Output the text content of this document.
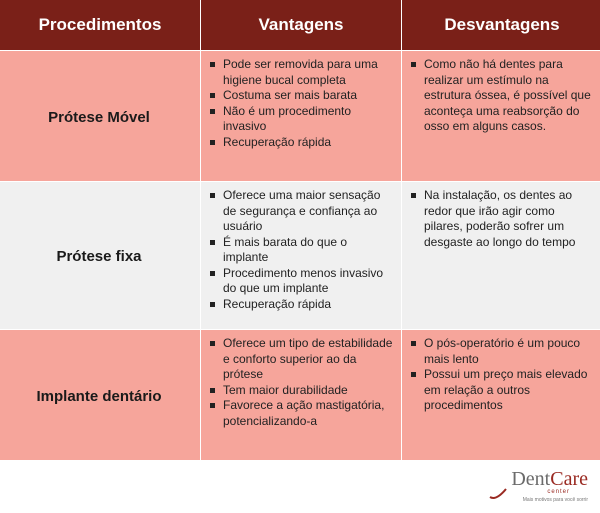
Procedimentos	Vantagens	Desvantagens
Prótese Móvel
Pode ser removida para uma higiene bucal completa
Costuma ser mais barata
Não é um procedimento invasivo
Recuperação rápida
Como não há dentes para realizar um estímulo na estrutura óssea, é possível que aconteça uma reabsorção do osso em alguns casos.
Prótese fixa
Oferece uma maior sensação de segurança e confiança ao usuário
É mais barata do que o implante
Procedimento menos invasivo do que um implante
Recuperação rápida
Na instalação, os dentes ao redor que irão agir como pilares, poderão sofrer um desgaste ao longo do tempo
Implante dentário
Oferece um tipo de estabilidade e conforto superior ao da prótese
Tem maior durabilidade
Favorece a ação mastigatória, potencializando-a
O pós-operatório é um pouco mais lento
Possui um preço mais elevado em relação a outros procedimentos
DentCare
center
Mais motivos para você sorrir
